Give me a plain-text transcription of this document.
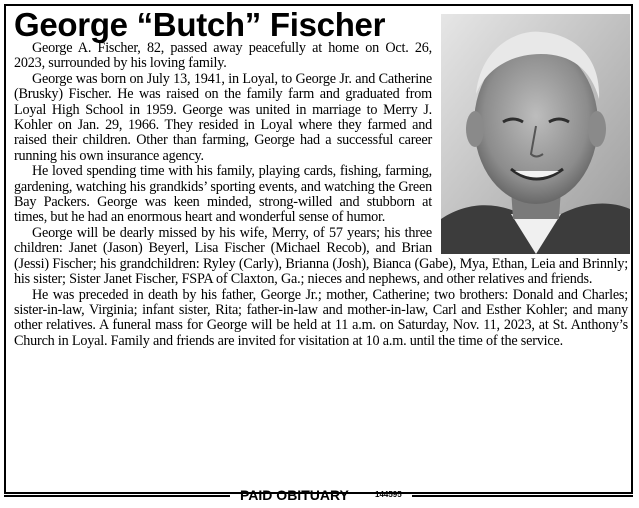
George “Butch” Fischer

George A. Fischer, 82, passed away peacefully at home on Oct. 26, 2023, surrounded by his loving family.

George was born on July 13, 1941, in Loyal, to George Jr. and Catherine (Brusky) Fischer. He was raised on the family farm and graduated from Loyal High School in 1959. George was united in marriage to Merry J. Kohler on Jan. 29, 1966. They resided in Loyal where they farmed and raised their children. Other than farming, George had a successful career running his own insurance agency.

He loved spending time with his family, playing cards, fishing, farming, gardening, watching his grandkids’ sporting events, and watching the Green Bay Packers. George was keen minded, strong-willed and stubborn at times, but he had an enormous heart and wonderful sense of humor.

George will be dearly missed by his wife, Merry, of 57 years; his three children: Janet (Jason) Beyerl, Lisa Fischer (Michael Recob), and Brian (Jessi) Fischer; his grandchildren: Ryley (Carly), Brianna (Josh), Bianca (Gabe), Mya, Ethan, Leia and Brinnly; his sister; Sister Janet Fischer, FSPA of Claxton, Ga.; nieces and nephews, and other relatives and friends.

He was preceded in death by his father, George Jr.; mother, Catherine; two brothers: Donald and Charles; sister-in-law, Virginia; infant sister, Rita; father-in-law and mother-in-law, Carl and Esther Kohler; and many other relatives. A funeral mass for George will be held at 11 a.m. on Saturday, Nov. 11, 2023, at St. Anthony’s Church in Loyal. Family and friends are invited for visitation at 10 a.m. until the time of the service.

PAID OBITUARY	144595
